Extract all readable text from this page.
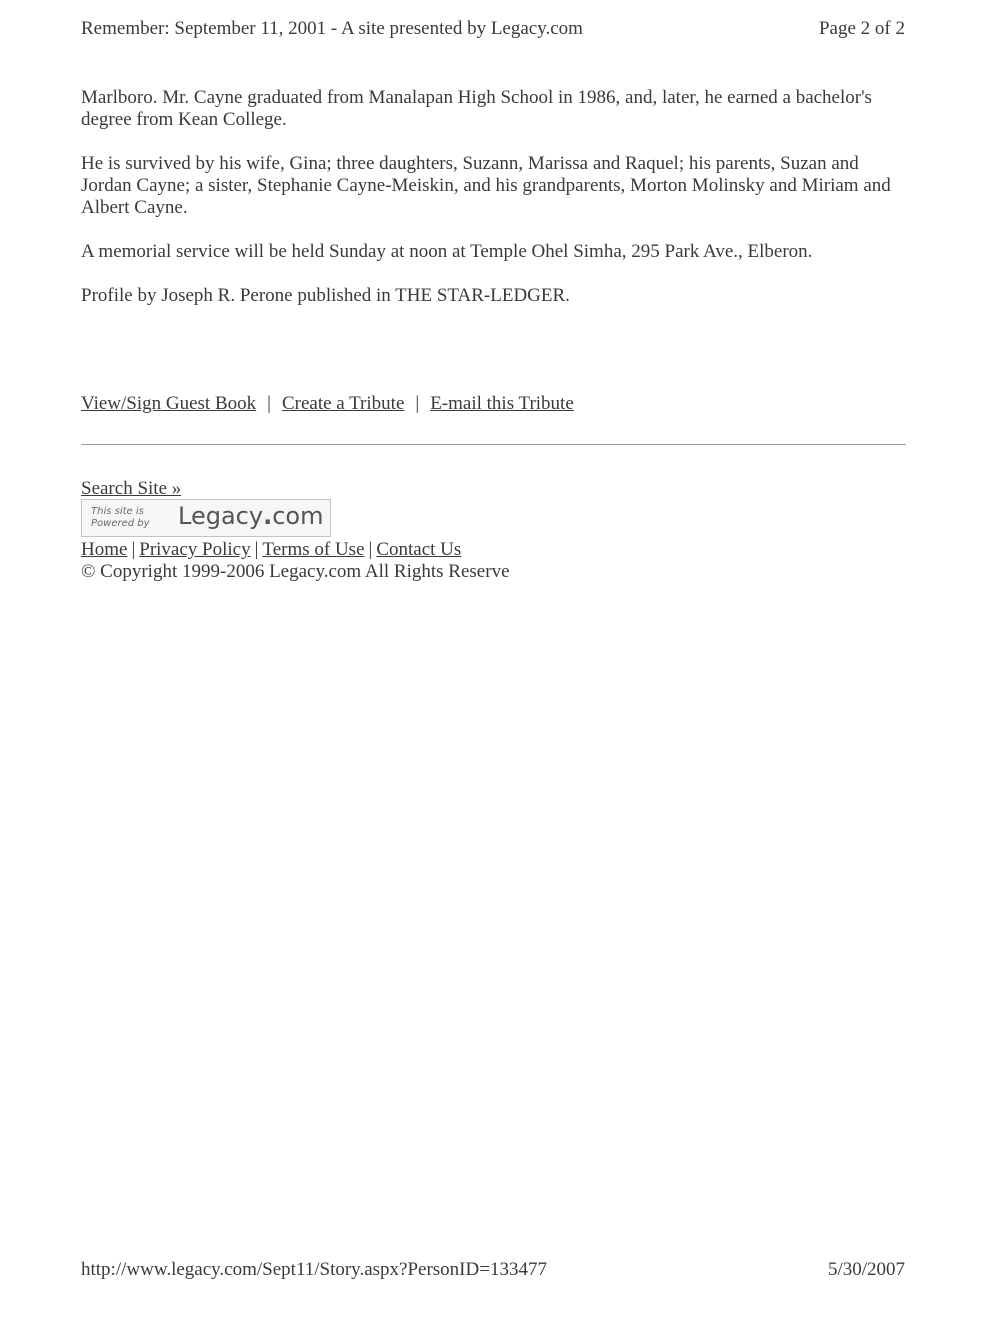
Remember: September 11, 2001 - A site presented by Legacy.com	Page 2 of 2

Marlboro. Mr. Cayne graduated from Manalapan High School in 1986, and, later, he earned a bachelor's degree from Kean College.

He is survived by his wife, Gina; three daughters, Suzann, Marissa and Raquel; his parents, Suzan and Jordan Cayne; a sister, Stephanie Cayne-Meiskin, and his grandparents, Morton Molinsky and Miriam and Albert Cayne.

A memorial service will be held Sunday at noon at Temple Ohel Simha, 295 Park Ave., Elberon.

Profile by Joseph R. Perone published in THE STAR-LEDGER.

View/Sign Guest Book | Create a Tribute | E-mail this Tribute
Search Site »
This site is
Powered by Legacy.com
Home | Privacy Policy | Terms of Use | Contact Us
© Copyright 1999-2006 Legacy.com All Rights Reserve
http://www.legacy.com/Sept11/Story.aspx?PersonID=133477	5/30/2007
